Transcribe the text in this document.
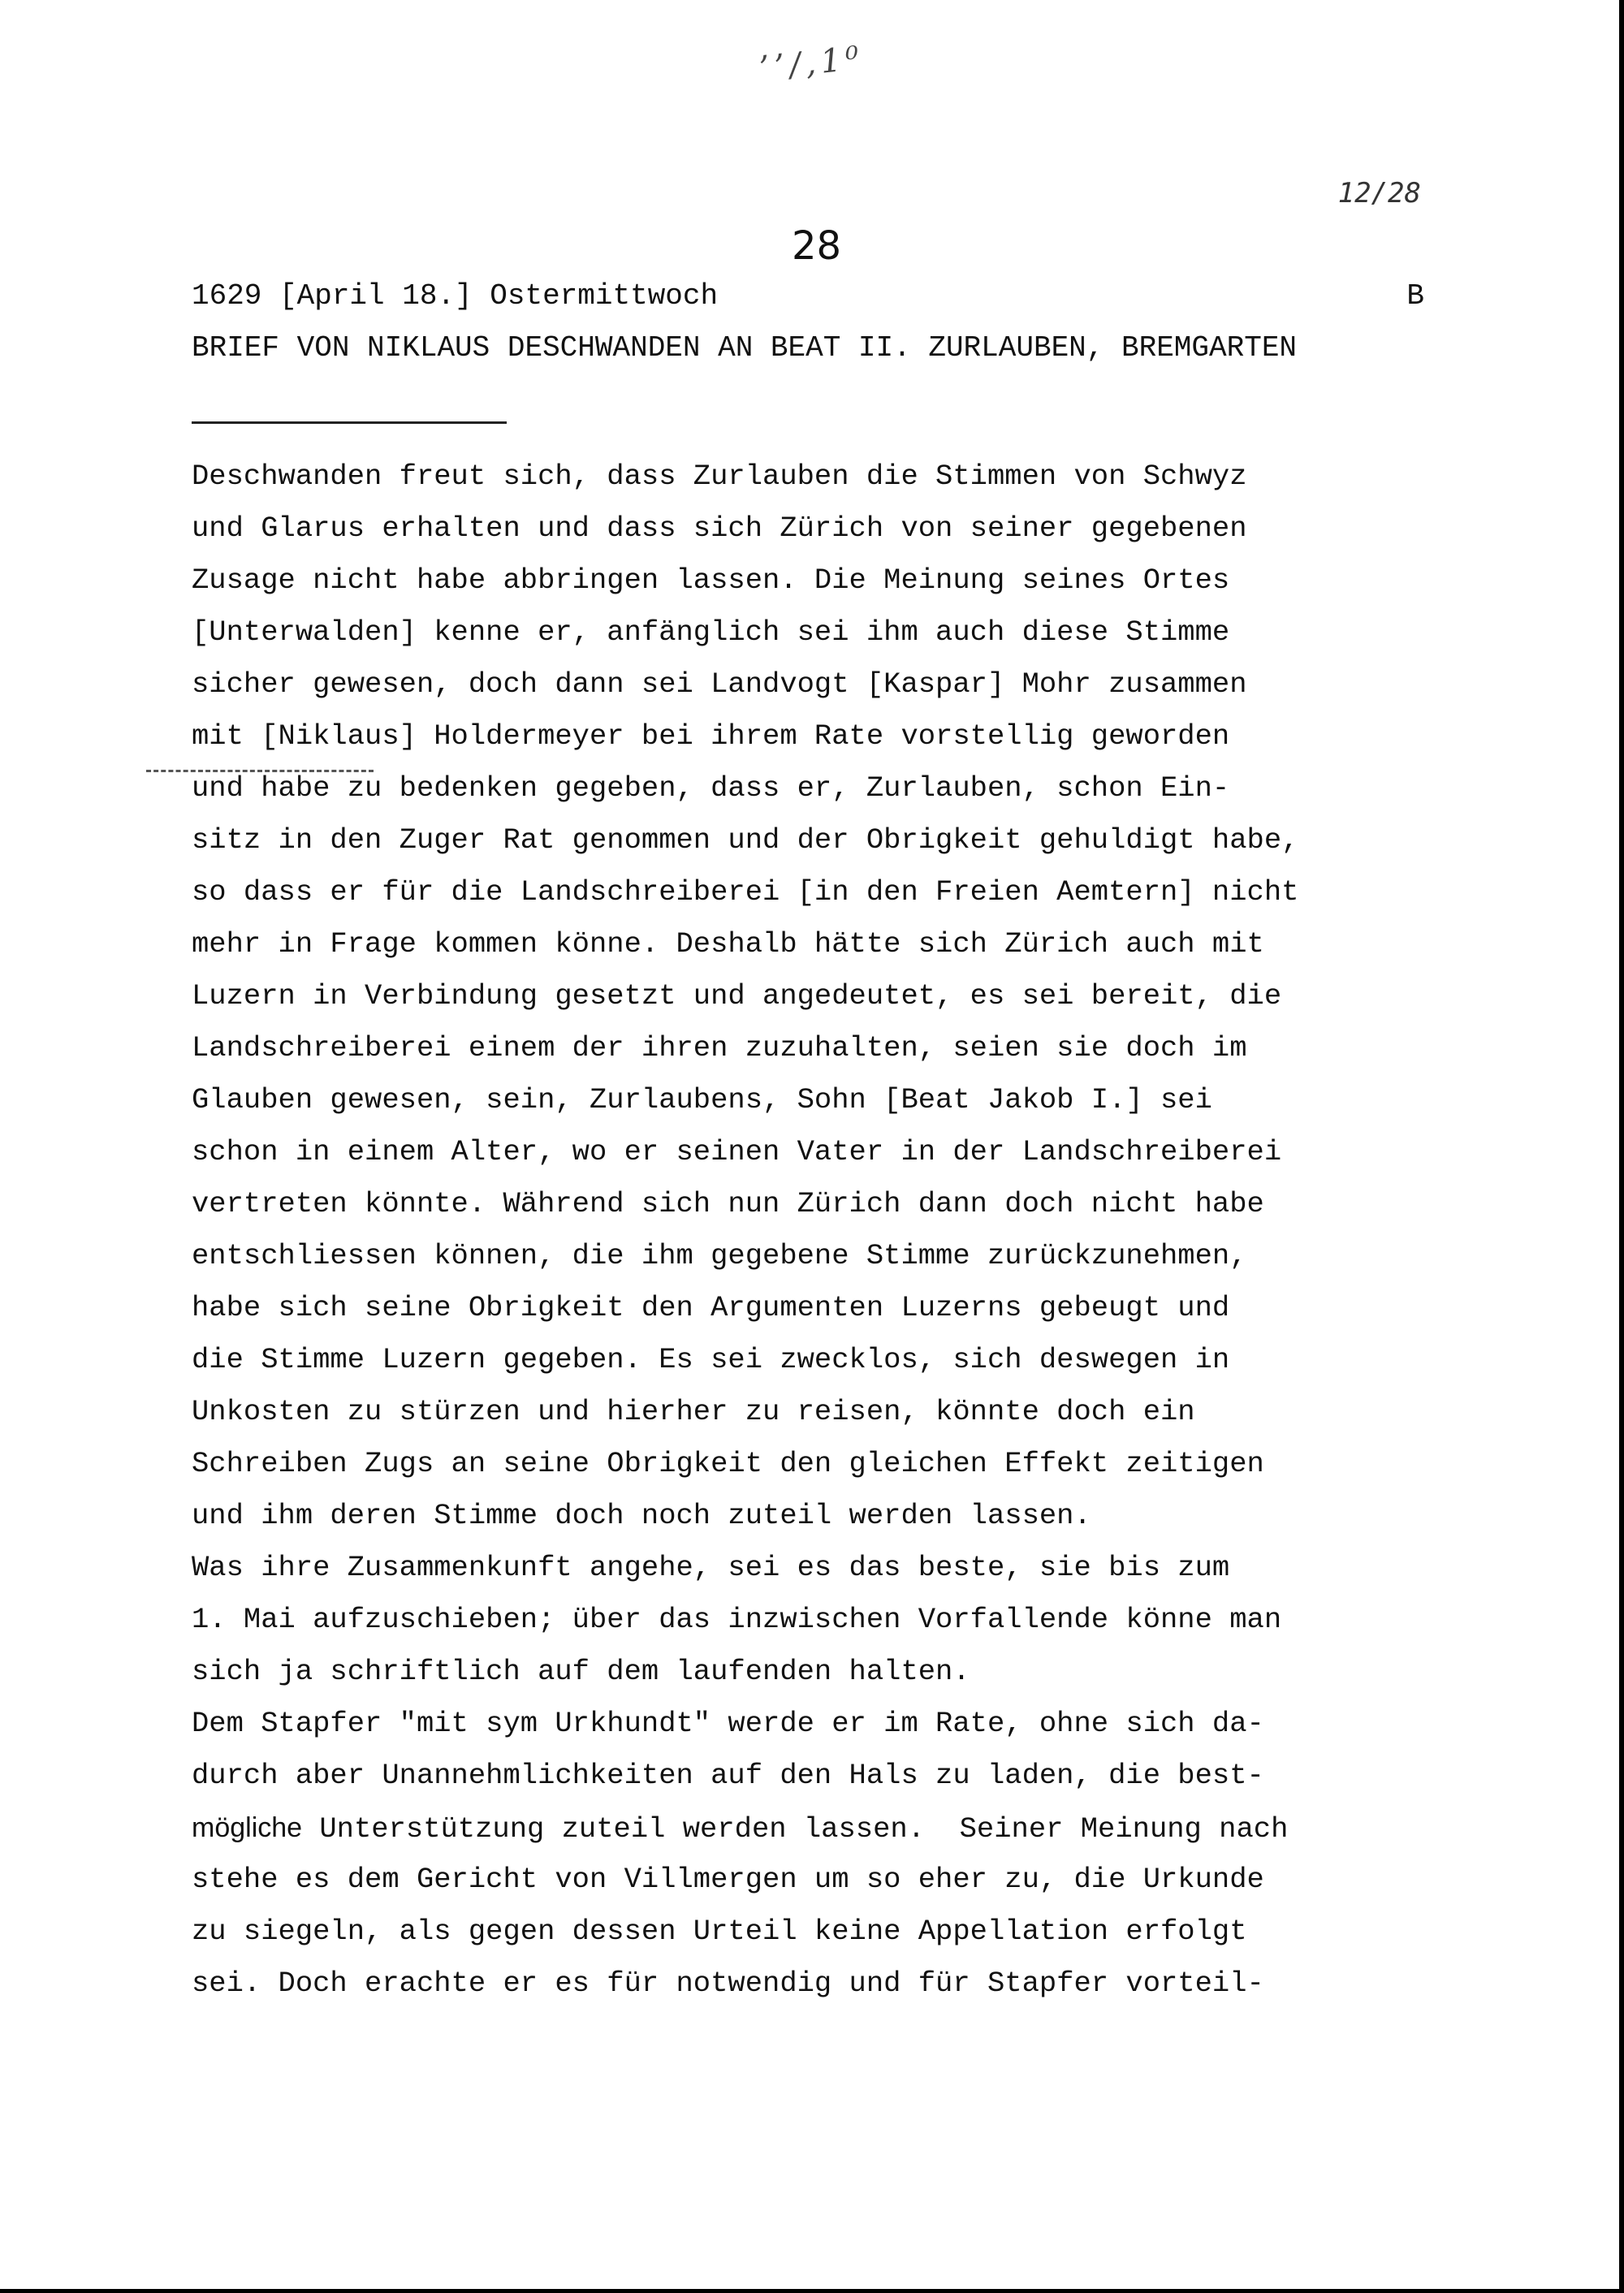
’’/,1⁰
12/28
28

1629 [April 18.] Ostermittwoch

	B

BRIEF VON NIKLAUS DESCHWANDEN AN BEAT II. ZURLAUBEN, BREMGARTEN
Deschwanden freut sich, dass Zurlauben die Stimmen von Schwyz
und Glarus erhalten und dass sich Zürich von seiner gegebenen
Zusage nicht habe abbringen lassen. Die Meinung seines Ortes
[Unterwalden] kenne er, anfänglich sei ihm auch diese Stimme
sicher gewesen, doch dann sei Landvogt [Kaspar] Mohr zusammen
mit [Niklaus] Holdermeyer bei ihrem Rate vorstellig geworden
und habe zu bedenken gegeben, dass er, Zurlauben, schon Ein-
sitz in den Zuger Rat genommen und der Obrigkeit gehuldigt habe,
so dass er für die Landschreiberei [in den Freien Aemtern] nicht
mehr in Frage kommen könne. Deshalb hätte sich Zürich auch mit
Luzern in Verbindung gesetzt und angedeutet, es sei bereit, die
Landschreiberei einem der ihren zuzuhalten, seien sie doch im
Glauben gewesen, sein, Zurlaubens, Sohn [Beat Jakob I.] sei
schon in einem Alter, wo er seinen Vater in der Landschreiberei
vertreten könnte. Während sich nun Zürich dann doch nicht habe
entschliessen können, die ihm gegebene Stimme zurückzunehmen,
habe sich seine Obrigkeit den Argumenten Luzerns gebeugt und
die Stimme Luzern gegeben. Es sei zwecklos, sich deswegen in
Unkosten zu stürzen und hierher zu reisen, könnte doch ein
Schreiben Zugs an seine Obrigkeit den gleichen Effekt zeitigen
und ihm deren Stimme doch noch zuteil werden lassen.
Was ihre Zusammenkunft angehe, sei es das beste, sie bis zum
1. Mai aufzuschieben; über das inzwischen Vorfallende könne man
sich ja schriftlich auf dem laufenden halten.
Dem Stapfer "mit sym Urkhundt" werde er im Rate, ohne sich da-
durch aber Unannehmlichkeiten auf den Hals zu laden, die best-
mögliche Unterstützung zuteil werden lassen.  Seiner Meinung nach
stehe es dem Gericht von Villmergen um so eher zu, die Urkunde
zu siegeln, als gegen dessen Urteil keine Appellation erfolgt
sei. Doch erachte er es für notwendig und für Stapfer vorteil-
